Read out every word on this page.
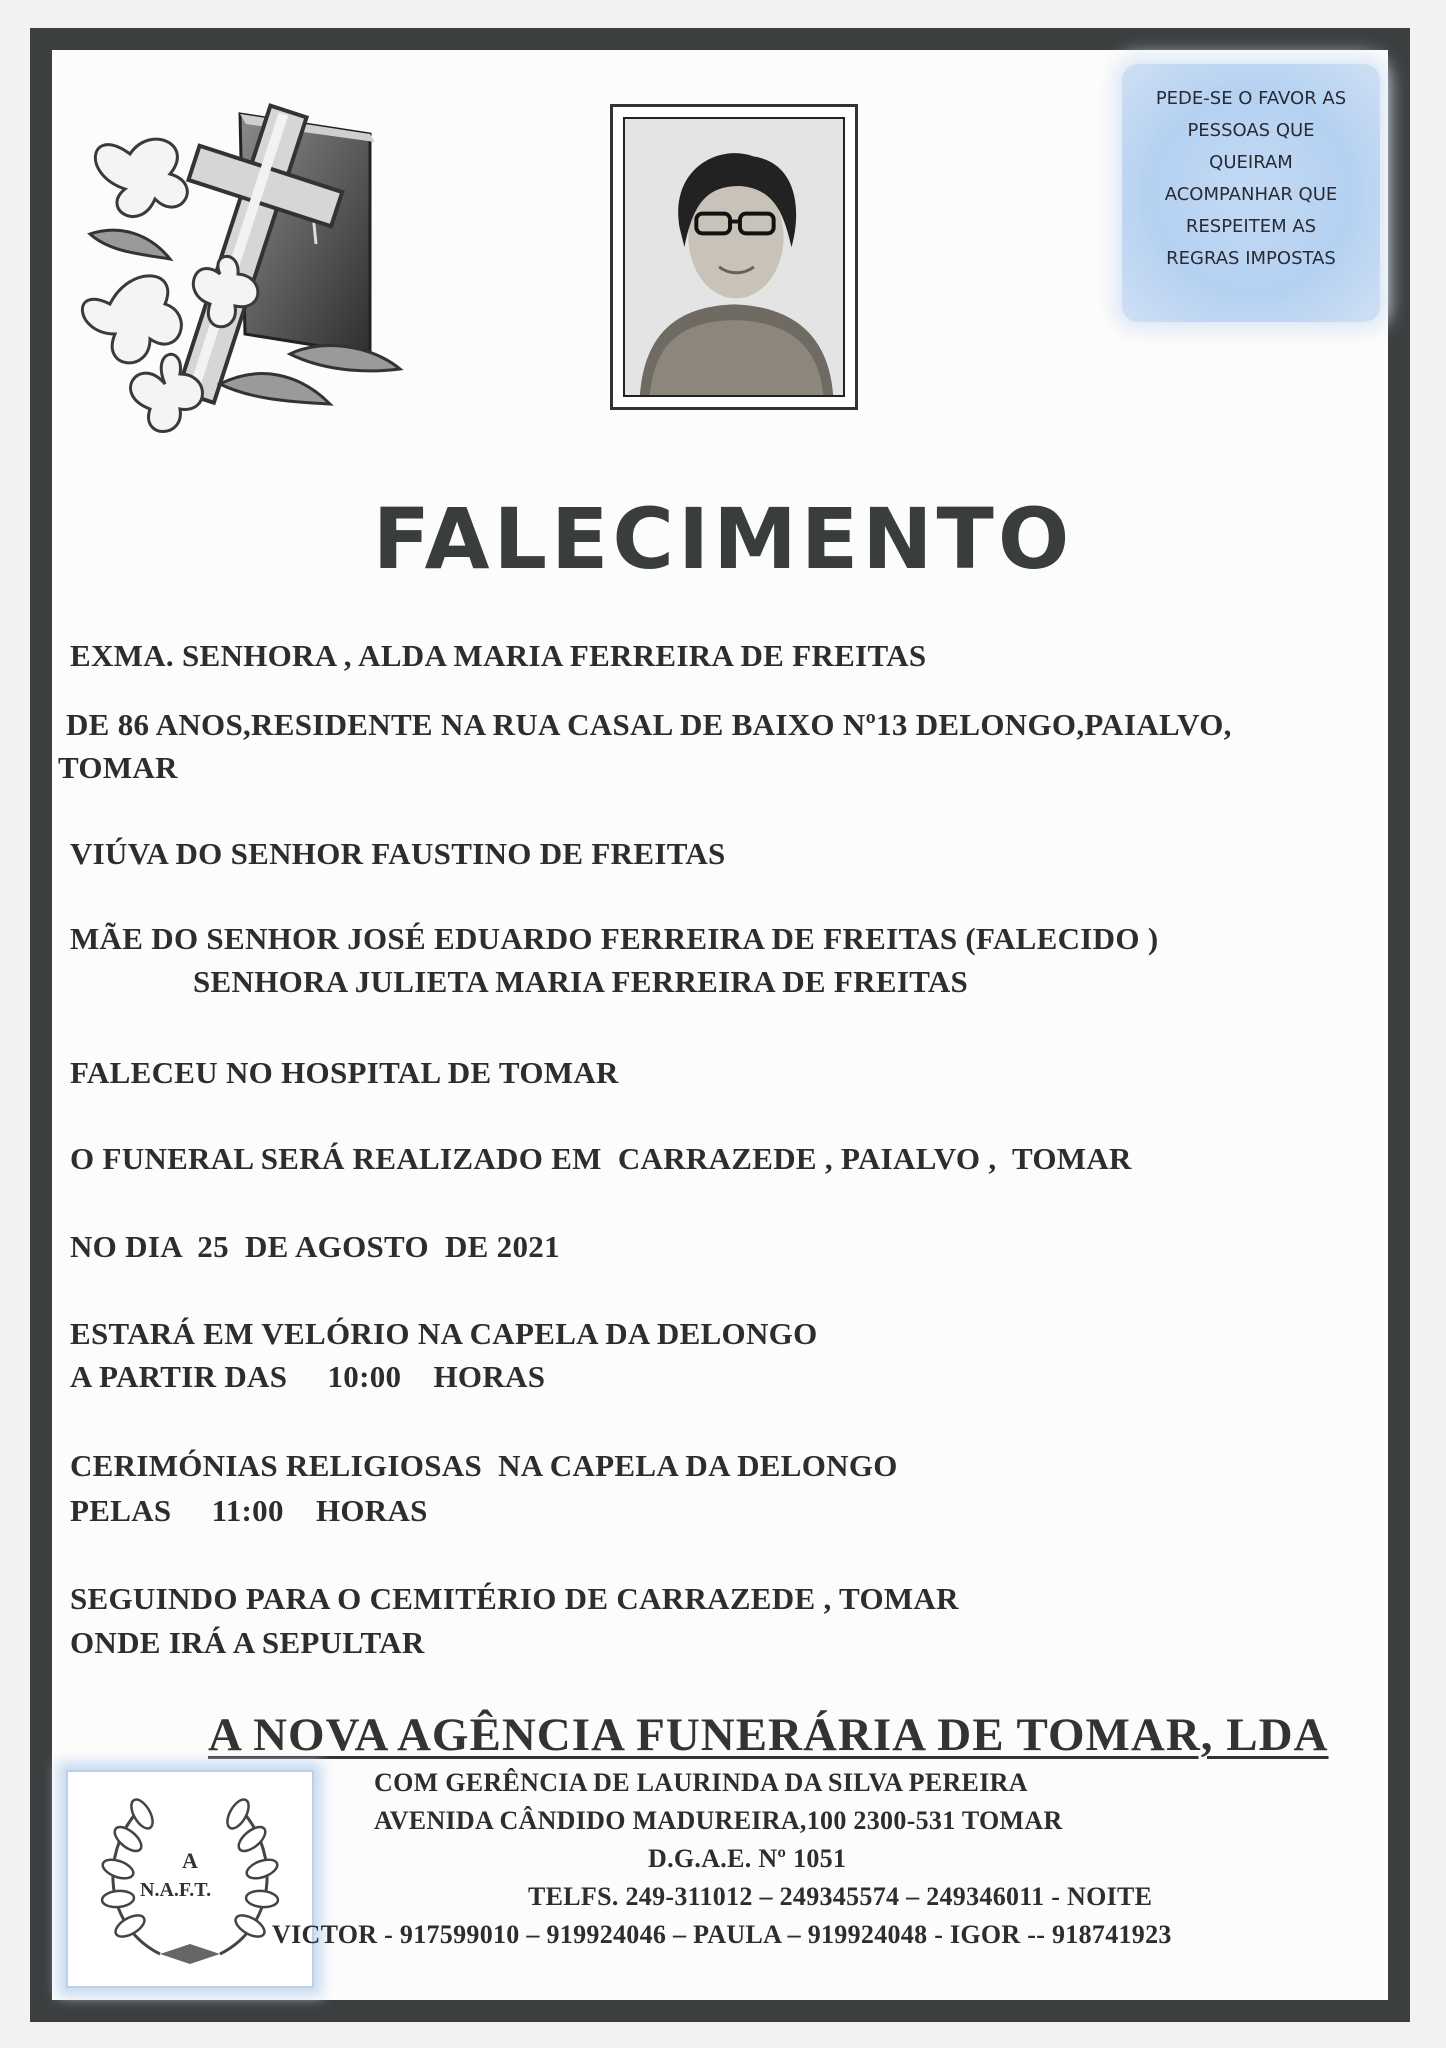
PEDE-SE O FAVOR AS
PESSOAS QUE
QUEIRAM
ACOMPANHAR QUE
RESPEITEM AS
REGRAS IMPOSTAS
FALECIMENTO
EXMA. SENHORA , ALDA MARIA FERREIRA DE FREITAS
DE 86 ANOS,RESIDENTE NA RUA CASAL DE BAIXO Nº13 DELONGO,PAIALVO,
TOMAR
VIÚVA DO SENHOR FAUSTINO DE FREITAS
MÃE DO SENHOR JOSÉ EDUARDO FERREIRA DE FREITAS (FALECIDO )
SENHORA JULIETA MARIA FERREIRA DE FREITAS
FALECEU NO HOSPITAL DE TOMAR
O FUNERAL SERÁ REALIZADO EM  CARRAZEDE , PAIALVO ,  TOMAR
NO DIA  25  DE AGOSTO  DE 2021
ESTARÁ EM VELÓRIO NA CAPELA DA DELONGO
A PARTIR DAS     10:00    HORAS
CERIMÓNIAS RELIGIOSAS  NA CAPELA DA DELONGO
PELAS     11:00    HORAS
SEGUINDO PARA O CEMITÉRIO DE CARRAZEDE , TOMAR
ONDE IRÁ A SEPULTAR
A NOVA AGÊNCIA FUNERÁRIA DE TOMAR, LDA
A
N.A.F.T.
COM GERÊNCIA DE LAURINDA DA SILVA PEREIRA
AVENIDA CÂNDIDO MADUREIRA,100 2300-531 TOMAR
D.G.A.E. Nº 1051
TELFS. 249-311012 – 249345574 – 249346011 - NOITE
VICTOR - 917599010 – 919924046 – PAULA – 919924048 - IGOR -- 918741923
